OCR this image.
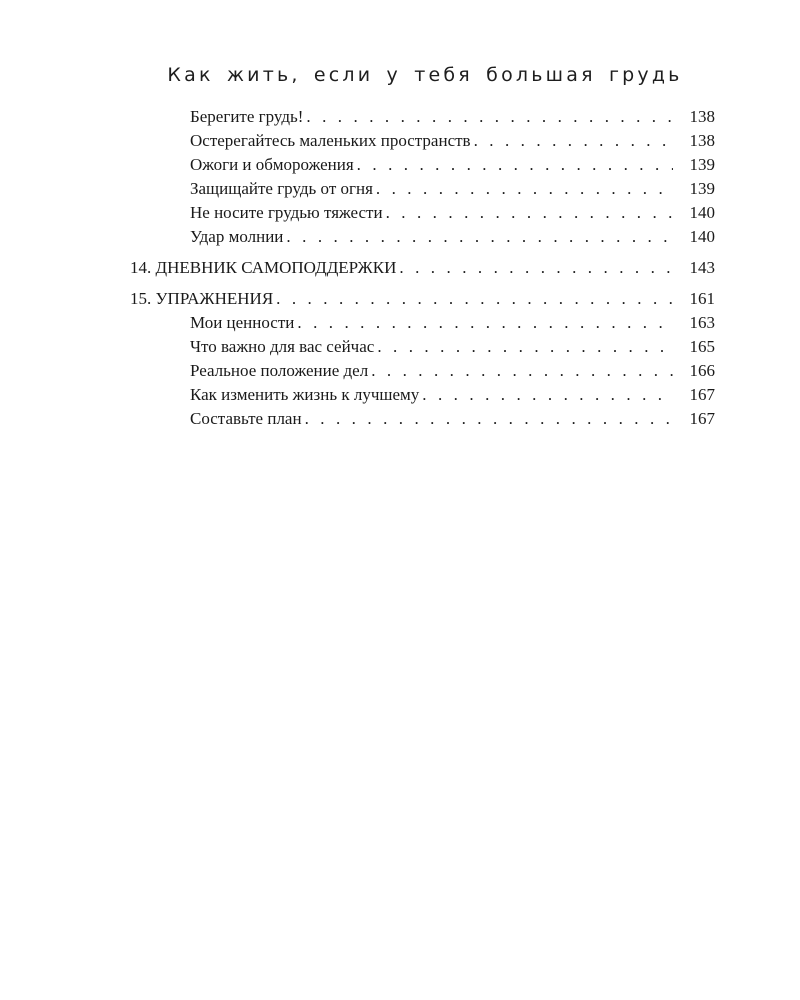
Как жить, если у тебя большая грудь
Берегите грудь! . . .	138
Остерегайтесь маленьких пространств . . .	138
Ожоги и обморожения . . .	139
Защищайте грудь от огня . . .	139
Не носите грудью тяжести . . .	140
Удар молнии . . .	140
14. ДНЕВНИК САМОПОДДЕРЖКИ . . .	143
15. УПРАЖНЕНИЯ . . .	161
Мои ценности . . .	163
Что важно для вас сейчас . . .	165
Реальное положение дел . . .	166
Как изменить жизнь к лучшему . . .	167
Составьте план . . .	167
